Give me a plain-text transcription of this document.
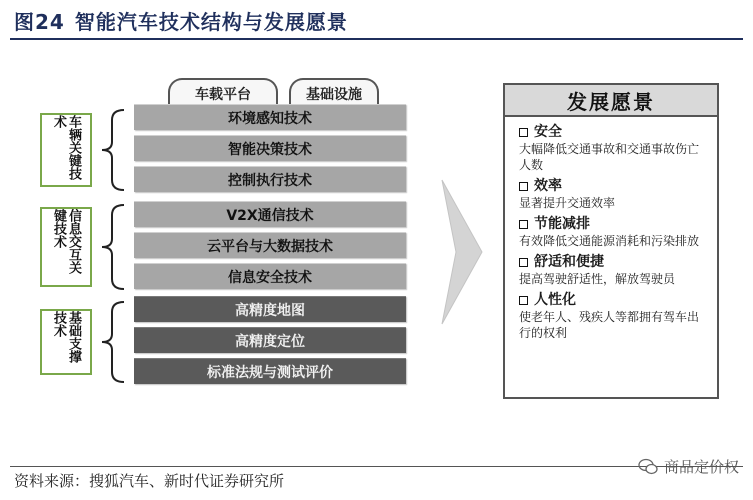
图24 智能汽车技术结构与发展愿景
车载平台	基础设施
环境感知技术
智能决策技术
控制执行技术
V2X通信技术
云平台与大数据技术
信息安全技术
高精度地图
高精度定位
标准法规与测试评价
车辆关键技术
信息交互关键技术
基础支撑技术
发展愿景
安全
大幅降低交通事故和交通事故伤亡人数
效率
显著提升交通效率
节能减排
有效降低交通能源消耗和污染排放
舒适和便捷
提高驾驶舒适性，解放驾驶员
人性化
使老年人、残疾人等都拥有驾车出行的权利
资料来源：搜狐汽车、新时代证券研究所
商品定价权
